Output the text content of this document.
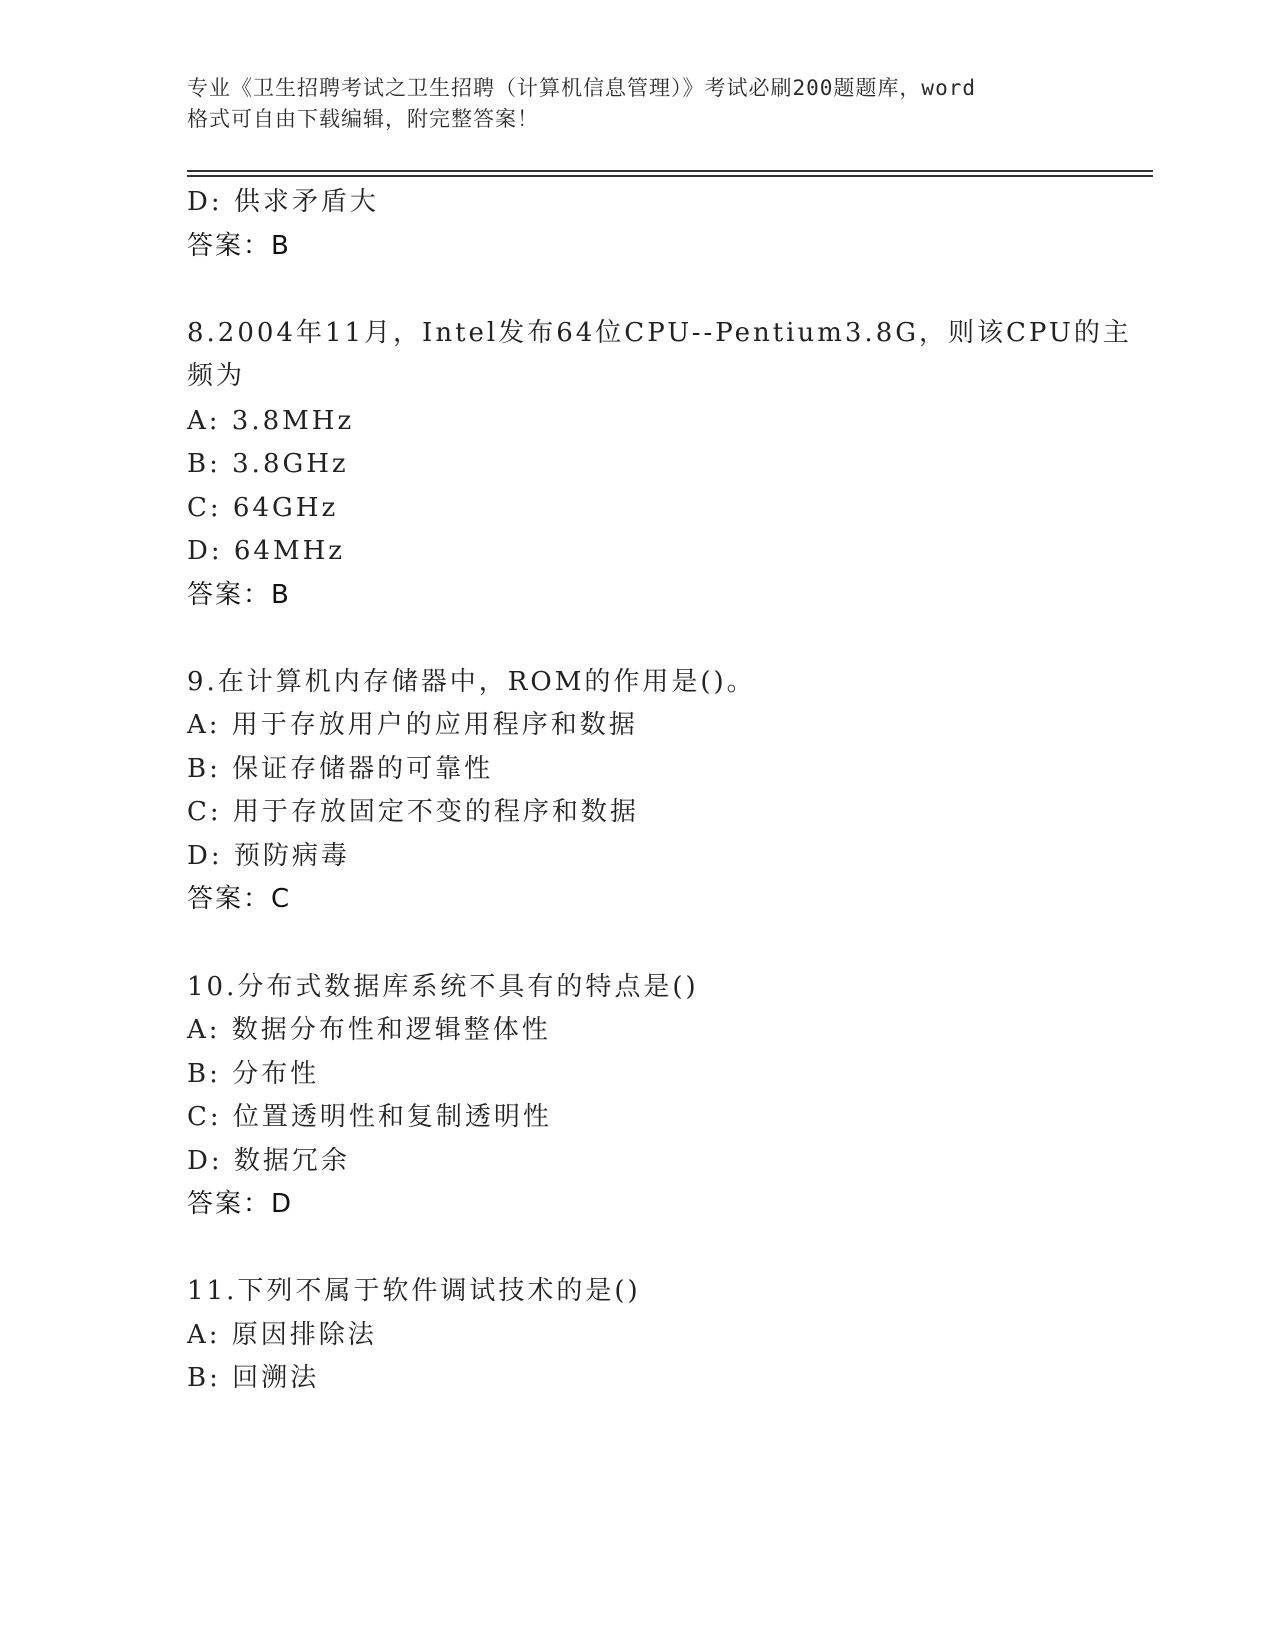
专业《卫生招聘考试之卫生招聘（计算机信息管理）》考试必刷200题题库，word
格式可自由下载编辑，附完整答案！
D: 供求矛盾大
答案：B
8.2004年11月，Intel发布64位CPU--Pentium3.8G，则该CPU的主
频为
A: 3.8MHz
B: 3.8GHz
C: 64GHz
D: 64MHz
答案：B
9.在计算机内存储器中，ROM的作用是()。
A: 用于存放用户的应用程序和数据
B: 保证存储器的可靠性
C: 用于存放固定不变的程序和数据
D: 预防病毒
答案：C
10.分布式数据库系统不具有的特点是()
A: 数据分布性和逻辑整体性
B: 分布性
C: 位置透明性和复制透明性
D: 数据冗余
答案：D
11.下列不属于软件调试技术的是()
A: 原因排除法
B: 回溯法
